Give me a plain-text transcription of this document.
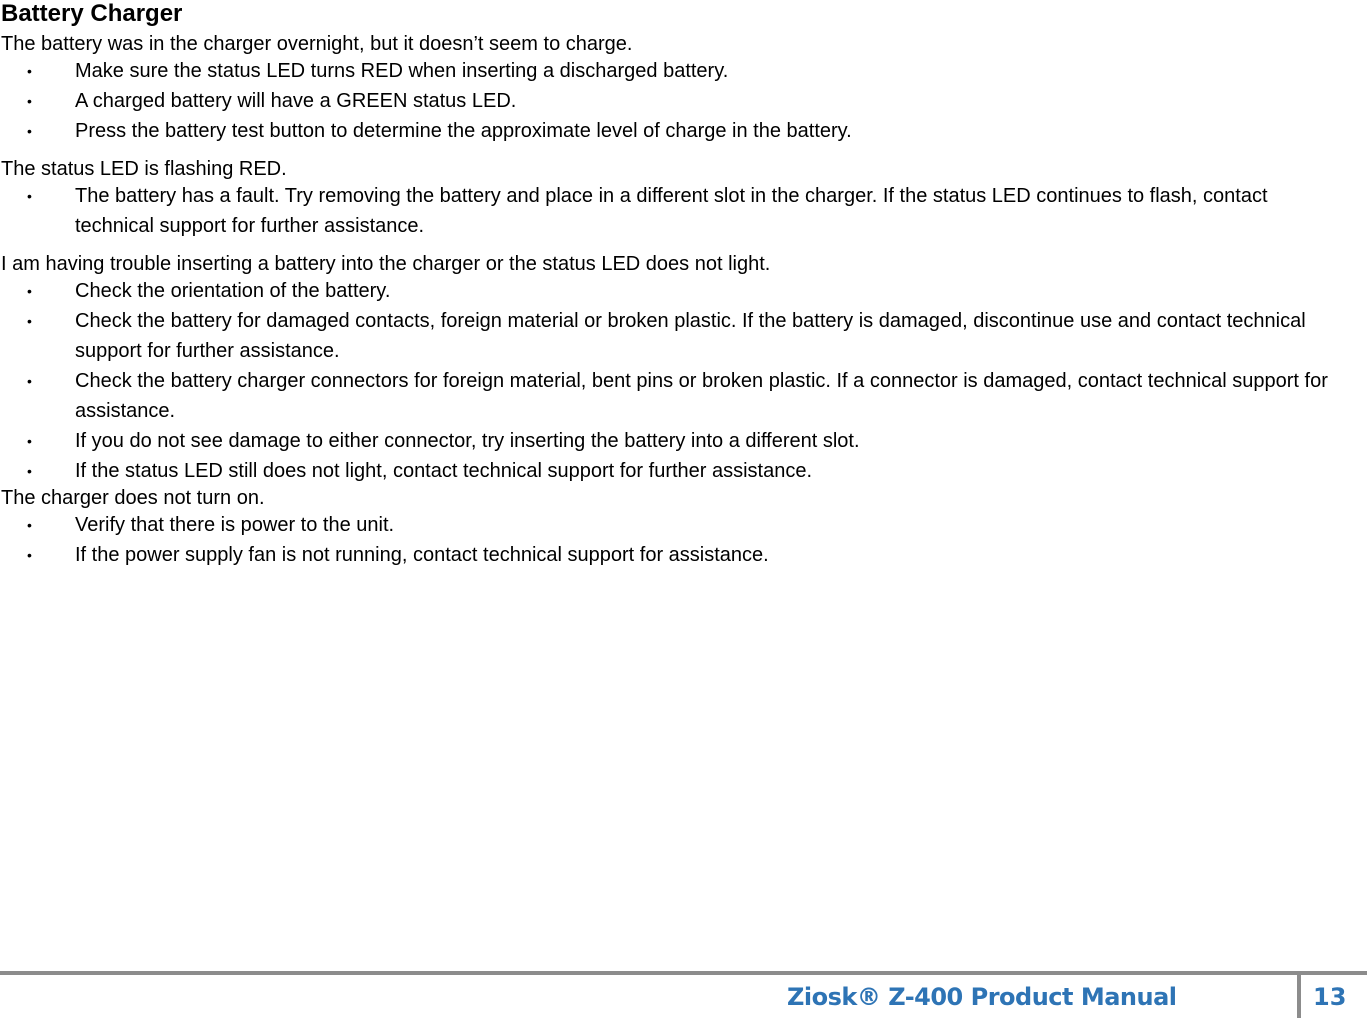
Battery Charger
The battery was in the charger overnight, but it doesn’t seem to charge.
• Make sure the status LED turns RED when inserting a discharged battery.
• A charged battery will have a GREEN status LED.
• Press the battery test button to determine the approximate level of charge in the battery.
The status LED is flashing RED.
• The battery has a fault. Try removing the battery and place in a different slot in the charger. If the status LED continues to flash, contact technical support for further assistance.
I am having trouble inserting a battery into the charger or the status LED does not light.
• Check the orientation of the battery.
• Check the battery for damaged contacts, foreign material or broken plastic. If the battery is damaged, discontinue use and contact technical support for further assistance.
• Check the battery charger connectors for foreign material, bent pins or broken plastic. If a connector is damaged, contact technical support for assistance.
• If you do not see damage to either connector, try inserting the battery into a different slot.
• If the status LED still does not light, contact technical support for further assistance.
The charger does not turn on.
• Verify that there is power to the unit.
• If the power supply fan is not running, contact technical support for assistance.
Ziosk® Z-400 Product Manual	13
